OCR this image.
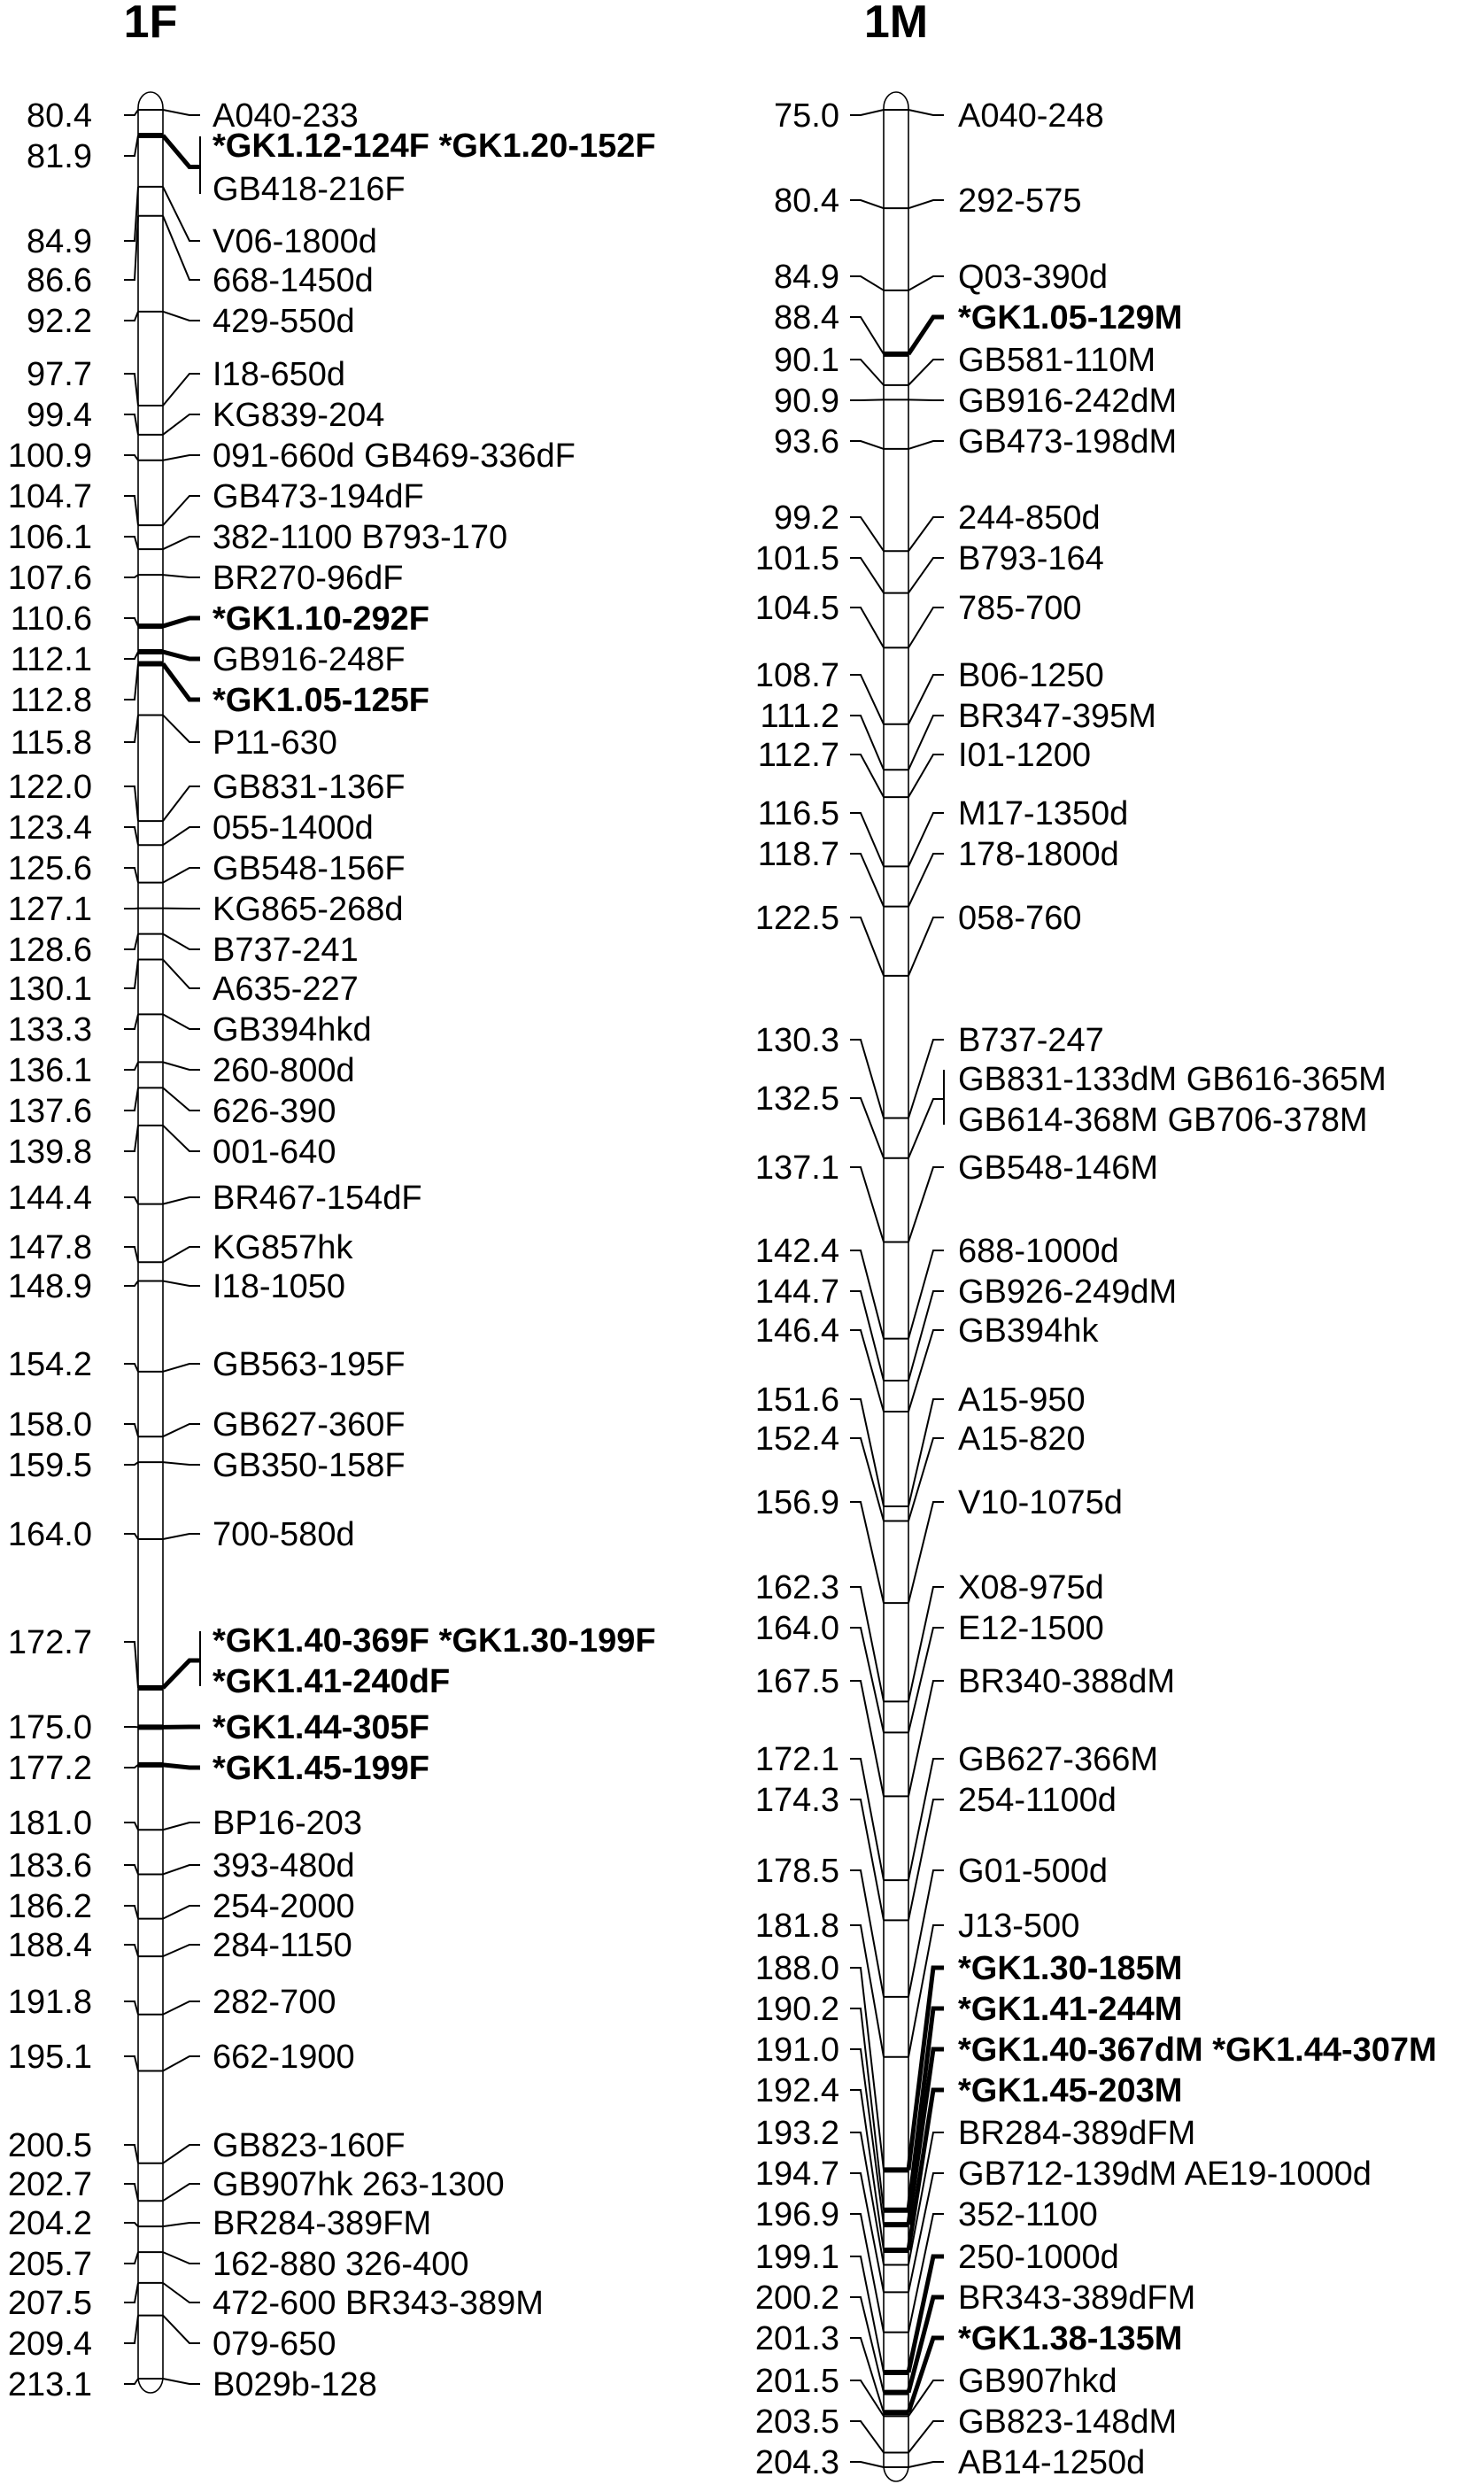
1F
80.4	A040-233
81.9	*GK1.12-124F *GK1.20-152F
GB418-216F
84.9	V06-1800d
86.6	668-1450d
92.2	429-550d
97.7	I18-650d
99.4	KG839-204
100.9	091-660d GB469-336dF
104.7	GB473-194dF
106.1	382-1100 B793-170
107.6	BR270-96dF
110.6	*GK1.10-292F
112.1	GB916-248F
112.8	*GK1.05-125F
115.8	P11-630
122.0	GB831-136F
123.4	055-1400d
125.6	GB548-156F
127.1	KG865-268d
128.6	B737-241
130.1	A635-227
133.3	GB394hkd
136.1	260-800d
137.6	626-390
139.8	001-640
144.4	BR467-154dF
147.8	KG857hk
148.9	I18-1050
154.2	GB563-195F
158.0	GB627-360F
159.5	GB350-158F
164.0	700-580d
172.7	*GK1.40-369F *GK1.30-199F
*GK1.41-240dF
175.0	*GK1.44-305F
177.2	*GK1.45-199F
181.0	BP16-203
183.6	393-480d
186.2	254-2000
188.4	284-1150
191.8	282-700
195.1	662-1900
200.5	GB823-160F
202.7	GB907hk 263-1300
204.2	BR284-389FM
205.7	162-880 326-400
207.5	472-600 BR343-389M
209.4	079-650
213.1	B029b-128
1M
75.0	A040-248
80.4	292-575
84.9	Q03-390d
88.4	*GK1.05-129M
90.1	GB581-110M
90.9	GB916-242dM
93.6	GB473-198dM
99.2	244-850d
101.5	B793-164
104.5	785-700
108.7	B06-1250
111.2	BR347-395M
112.7	I01-1200
116.5	M17-1350d
118.7	178-1800d
122.5	058-760
130.3	B737-247
132.5
GB831-133dM GB616-365M
GB614-368M GB706-378M
137.1	GB548-146M
142.4	688-1000d
144.7	GB926-249dM
146.4	GB394hk
151.6	A15-950
152.4	A15-820
156.9	V10-1075d
162.3	X08-975d
164.0	E12-1500
167.5	BR340-388dM
172.1	GB627-366M
174.3	254-1100d
178.5	G01-500d
181.8	J13-500
188.0	*GK1.30-185M
190.2	*GK1.41-244M
191.0	*GK1.40-367dM *GK1.44-307M
192.4	*GK1.45-203M
193.2	BR284-389dFM
194.7	GB712-139dM AE19-1000d
196.9	352-1100
199.1	250-1000d
200.2	BR343-389dFM
201.3	*GK1.38-135M
201.5	GB907hkd
203.5	GB823-148dM
204.3	AB14-1250d
